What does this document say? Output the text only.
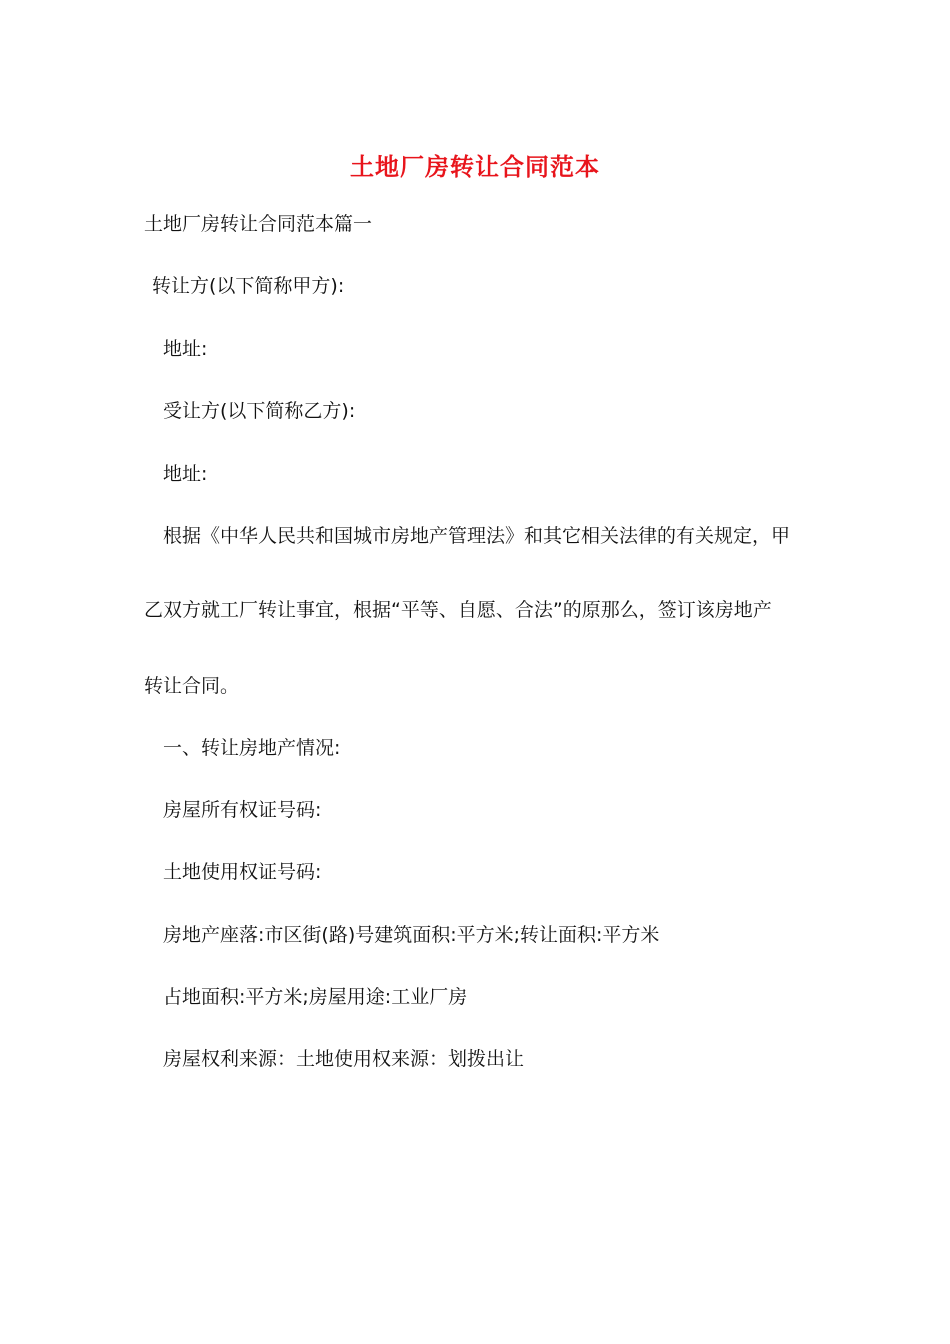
土地厂房转让合同范本
土地厂房转让合同范本篇一
转让方(以下简称甲方):
地址:
受让方(以下简称乙方):
地址:
根据《中华人民共和国城市房地产管理法》和其它相关法律的有关规定，甲
乙双方就工厂转让事宜，根据“平等、自愿、合法”的原那么，签订该房地产
转让合同。
一、转让房地产情况:
房屋所有权证号码:
土地使用权证号码:
房地产座落:市区街(路)号建筑面积:平方米;转让面积:平方米
占地面积:平方米;房屋用途:工业厂房
房屋权利来源：土地使用权来源：划拨出让
